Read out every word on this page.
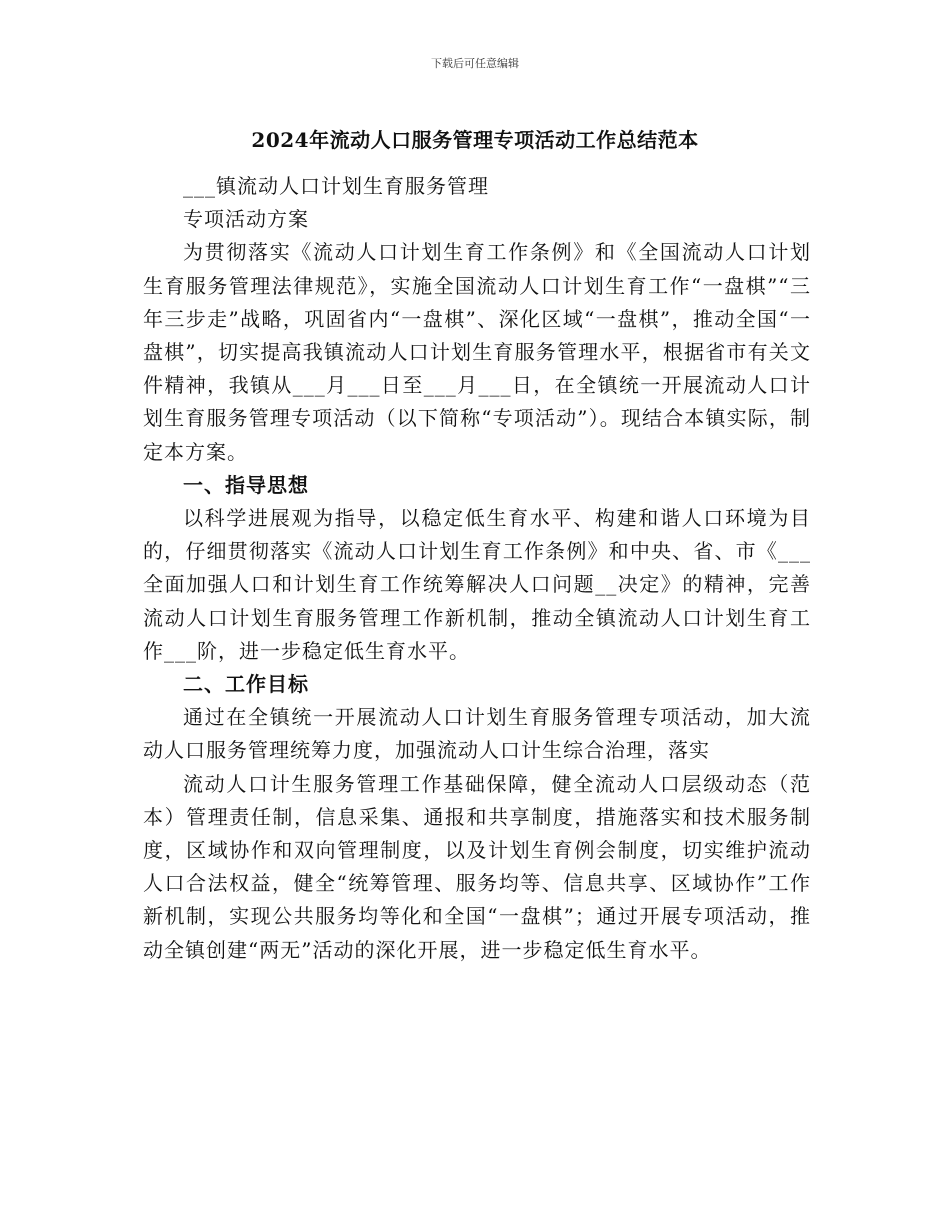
下载后可任意编辑
2024年流动人口服务管理专项活动工作总结范本

___镇流动人口计划生育服务管理

专项活动方案

为贯彻落实《流动人口计划生育工作条例》和《全国流动人口计划生育服务管理法律规范》，实施全国流动人口计划生育工作“一盘棋”“三年三步走”战略，巩固省内“一盘棋”、深化区域“一盘棋”，推动全国“一盘棋”，切实提高我镇流动人口计划生育服务管理水平，根据省市有关文件精神，我镇从___月___日至___月___日，在全镇统一开展流动人口计划生育服务管理专项活动（以下简称“专项活动”）。现结合本镇实际，制定本方案。

一、指导思想

以科学进展观为指导，以稳定低生育水平、构建和谐人口环境为目的，仔细贯彻落实《流动人口计划生育工作条例》和中央、省、市《___全面加强人口和计划生育工作统筹解决人口问题__决定》的精神，完善流动人口计划生育服务管理工作新机制，推动全镇流动人口计划生育工作___阶，进一步稳定低生育水平。

二、工作目标

通过在全镇统一开展流动人口计划生育服务管理专项活动，加大流动人口服务管理统筹力度，加强流动人口计生综合治理，落实

流动人口计生服务管理工作基础保障，健全流动人口层级动态（范本）管理责任制，信息采集、通报和共享制度，措施落实和技术服务制度，区域协作和双向管理制度，以及计划生育例会制度，切实维护流动人口合法权益，健全“统筹管理、服务均等、信息共享、区域协作”工作新机制，实现公共服务均等化和全国“一盘棋”；通过开展专项活动，推动全镇创建“两无”活动的深化开展，进一步稳定低生育水平。
